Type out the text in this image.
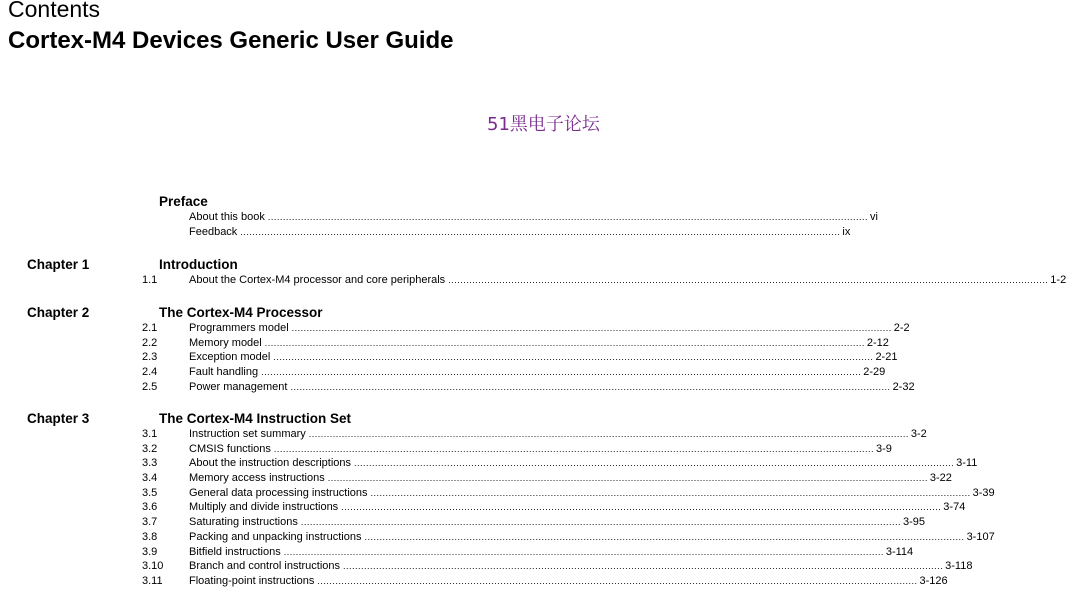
Contents
Cortex-M4 Devices Generic User Guide
51黑电子论坛
Preface
About this book ........................................................................................................................................................................................................ vi
Feedback ........................................................................................................................................................................................................ ix
Chapter 1	Introduction
1.1	About the Cortex-M4 processor and core peripherals ........................................................................................................................................................................................................ 1-2
Chapter 2	The Cortex-M4 Processor
2.1	Programmers model ........................................................................................................................................................................................................ 2-2
2.2	Memory model ........................................................................................................................................................................................................ 2-12
2.3	Exception model ........................................................................................................................................................................................................ 2-21
2.4	Fault handling ........................................................................................................................................................................................................ 2-29
2.5	Power management ........................................................................................................................................................................................................ 2-32
Chapter 3	The Cortex-M4 Instruction Set
3.1	Instruction set summary ........................................................................................................................................................................................................ 3-2
3.2	CMSIS functions ........................................................................................................................................................................................................ 3-9
3.3	About the instruction descriptions ........................................................................................................................................................................................................ 3-11
3.4	Memory access instructions ........................................................................................................................................................................................................ 3-22
3.5	General data processing instructions ........................................................................................................................................................................................................ 3-39
3.6	Multiply and divide instructions ........................................................................................................................................................................................................ 3-74
3.7	Saturating instructions ........................................................................................................................................................................................................ 3-95
3.8	Packing and unpacking instructions ........................................................................................................................................................................................................ 3-107
3.9	Bitfield instructions ........................................................................................................................................................................................................ 3-114
3.10 Branch and control instructions ........................................................................................................................................................................................................ 3-118
3.11 Floating-point instructions ........................................................................................................................................................................................................ 3-126
